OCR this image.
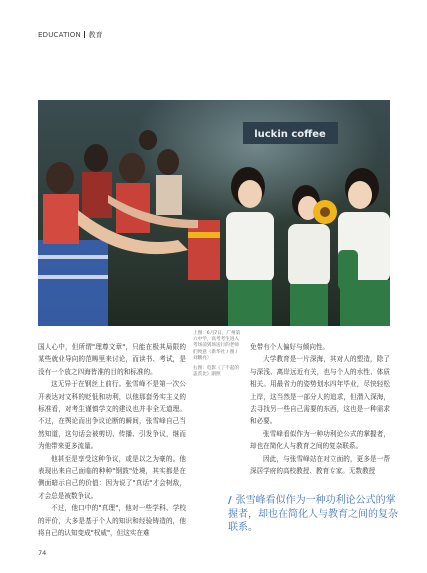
EDUCATION 教育
luckin coffee

国人心中，但所谓"理尊文章"，只能在极其局限的某些就业导向的范畴里来讨论，而读书、考试，是没有一个放之四海皆准的目的和标准的。

这无异于在钢丝上前行。张雪峰不是第一次公开表达对文科的贬低和功利，以他那套务实主义的标准看，对考生谨慎学文的建议也并非全无道理。不过，在舆论而出争议论断的瞬间，张雪峰自己当然知道，这句话会被剪切、传播、引发争议，继而为他带来更多流量。

他甚至是享受这种争议，或是以之为豪的。他表现出来自己面临的种种"钢鼓"处境，其实都是在侧面暗示自己的价值：因为说了"真话"才会树敌，才会总是被数争议。

不过，他口中的"真理"，他对一些学科、学校的评价，大多是基于个人的知识和经验铸造的，他将自己的认知变成"权威"，但这实在难

上图：6月7日，广州第六中学，高考考生进入考场前到场送行的老师们致意（新华社 / 图 / 刘鹏亮）

右图：电影《了不起的盖茨比》剧照

免带有个人偏好与倾向性。

大学教育是一片深海，其对人的塑造，除了与深浅、离岸远近有关，也与个人的水性、体质相关。用最省力的姿势划水四年毕业，尽快轻松上岸，这当然是一部分人的追求，但潜入深海，去寻找另一些自己需要的东西，这也是一种需求和必要。

张雪峰看似作为一种功利论公式的掌握者，却也在简化人与教育之间的复杂联系。

因此，与张雪峰站在对立面的，更多是一帮深居学府的高校教授、教育专家。无数教授

/ 张雪峰看似作为一种功利论公式的掌握者，却也在简化人与教育之间的复杂联系。
74
